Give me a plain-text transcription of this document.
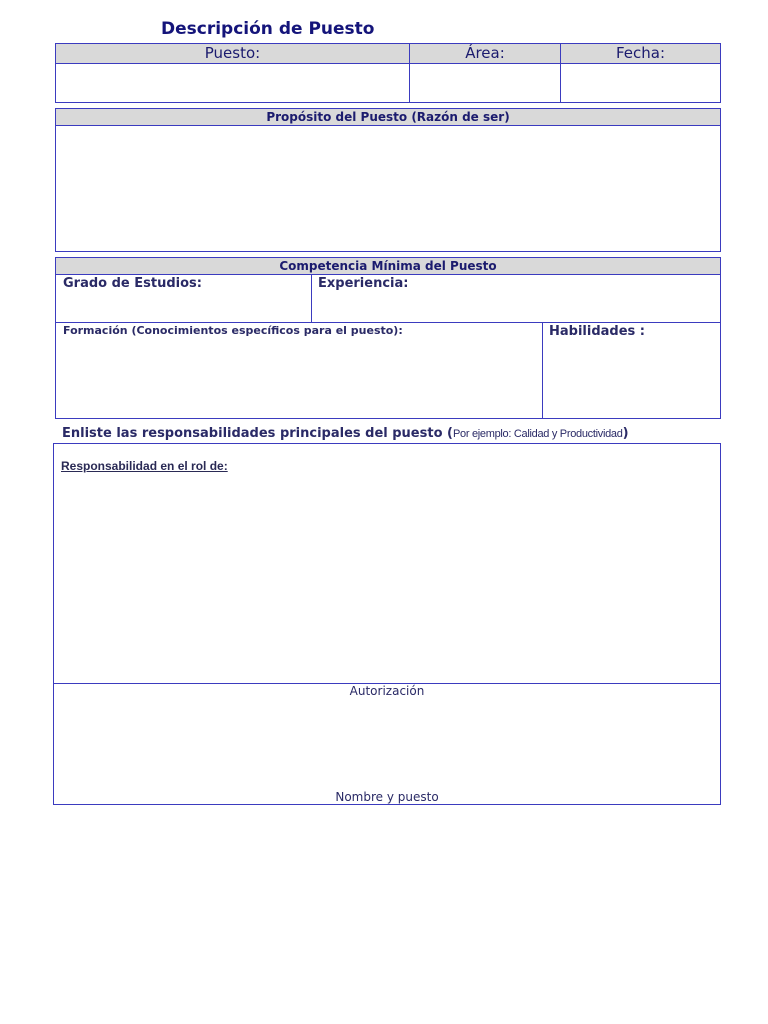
Descripción de Puesto
Puesto:	Área:	Fecha:
Propósito del Puesto (Razón de ser)
Competencia Mínima del Puesto
Grado de Estudios:	Experiencia:
Formación (Conocimientos específicos para el puesto):	Habilidades :
Enliste las responsabilidades principales del puesto (Por ejemplo: Calidad y Productividad)
Responsabilidad en el rol de:
Autorización
Nombre y puesto
